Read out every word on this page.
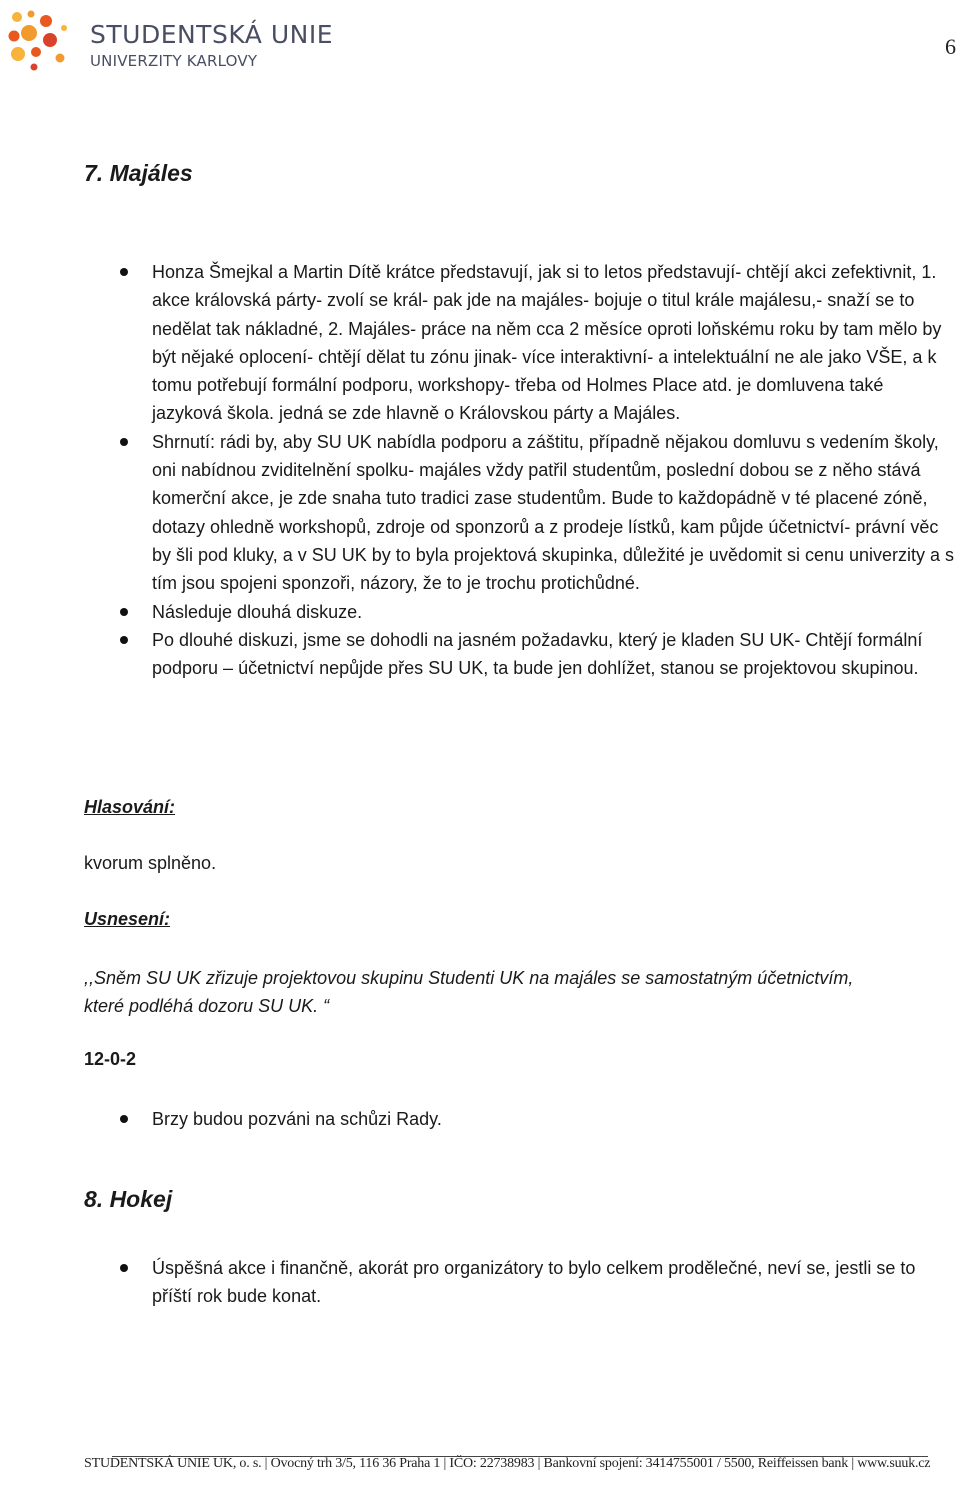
STUDENTSKÁ UNIE
UNIVERZITY KARLOVY
6
7. Majáles
Honza Šmejkal a Martin Dítě krátce představují, jak si to letos představují- chtějí akci zefektivnit, 1. akce královská párty- zvolí se král- pak jde na majáles- bojuje o titul krále majálesu,- snaží se to nedělat tak nákladné, 2. Majáles- práce na něm cca 2 měsíce oproti loňskému roku by tam mělo by být nějaké oplocení- chtějí dělat tu zónu jinak- více interaktivní- a intelektuální ne ale jako VŠE, a k tomu potřebují formální podporu, workshopy- třeba od Holmes Place atd. je domluvena také jazyková škola. jedná se zde hlavně o Královskou párty a Majáles.
Shrnutí: rádi by, aby SU UK nabídla podporu a záštitu, případně nějakou domluvu s vedením školy, oni nabídnou zviditelnění spolku- majáles vždy patřil studentům, poslední dobou se z něho stává komerční akce, je zde snaha tuto tradici zase studentům. Bude to každopádně v té placené zóně, dotazy ohledně workshopů, zdroje od sponzorů a z prodeje lístků, kam půjde účetnictví- právní věc by šli pod kluky, a v SU UK by to byla projektová skupinka, důležité je uvědomit si cenu univerzity a s tím jsou spojeni sponzoři, názory, že to je trochu protichůdné.
Následuje dlouhá diskuze.
Po dlouhé diskuzi, jsme se dohodli na jasném požadavku, který je kladen SU UK- Chtějí formální podporu – účetnictví nepůjde přes SU UK, ta bude jen dohlížet, stanou se projektovou skupinou.
Hlasování:
kvorum splněno.
Usnesení:
,,Sněm SU UK zřizuje projektovou skupinu Studenti UK na majáles se samostatným účetnictvím, které podléhá dozoru SU UK. “
12-0-2
Brzy budou pozváni na schůzi Rady.
8. Hokej
Úspěšná akce i finančně, akorát pro organizátory to bylo celkem prodělečné, neví se, jestli se to příští rok bude konat.
STUDENTSKÁ UNIE UK, o. s. | Ovocný trh 3/5, 116 36 Praha 1 | IČO: 22738983 | Bankovní spojení: 3414755001 / 5500, Reiffeissen bank | www.suuk.cz
